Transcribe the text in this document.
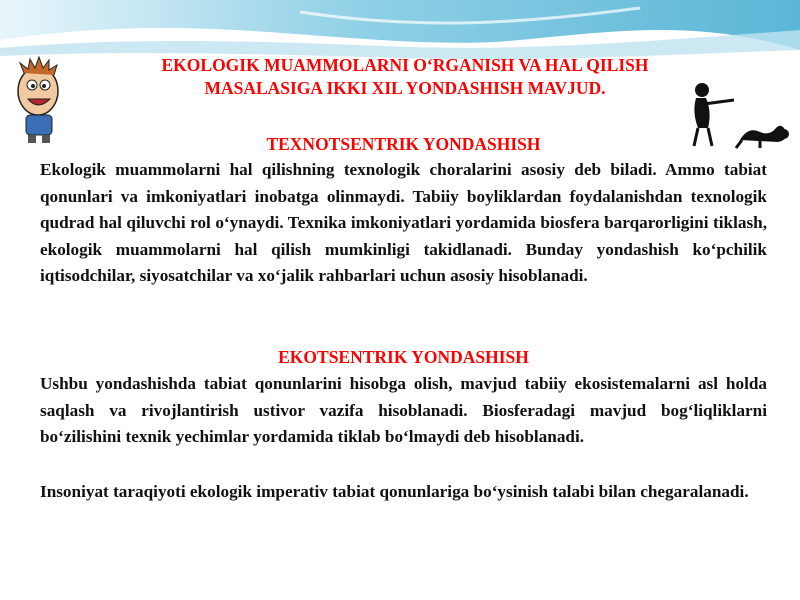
EKOLOGIK MUAMMOLARNI O‘RGANISH VA HAL QILISH
MASALASIGA IKKI XIL YONDASHISH MAVJUD.
TEXNOTSENTRIK YONDASHISH

Ekologik muammolarni hal qilishning texnologik choralarini asosiy deb biladi. Ammo tabiat qonunlari va imkoniyatlari inobatga olinmaydi. Tabiiy boyliklardan foydalanishdan texnologik qudrad hal qiluvchi rol o‘ynaydi. Texnika imkoniyatlari yordamida biosfera barqarorligini tiklash, ekologik muammolarni hal qilish mumkinligi takidlanadi. Bunday yondashish ko‘pchilik iqtisodchilar, siyosatchilar va xo‘jalik rahbarlari uchun asosiy hisoblanadi.

EKOTSENTRIK YONDASHISH

Ushbu yondashishda tabiat qonunlarini hisobga olish, mavjud tabiiy ekosistemalarni asl holda saqlash va rivojlantirish ustivor vazifa hisoblanadi. Biosferadagi mavjud bog‘liqliklarni bo‘zilishini texnik yechimlar yordamida tiklab bo‘lmaydi deb hisoblanadi.

Insoniyat taraqiyoti ekologik imperativ tabiat qonunlariga bo‘ysinish talabi bilan chegaralanadi.
